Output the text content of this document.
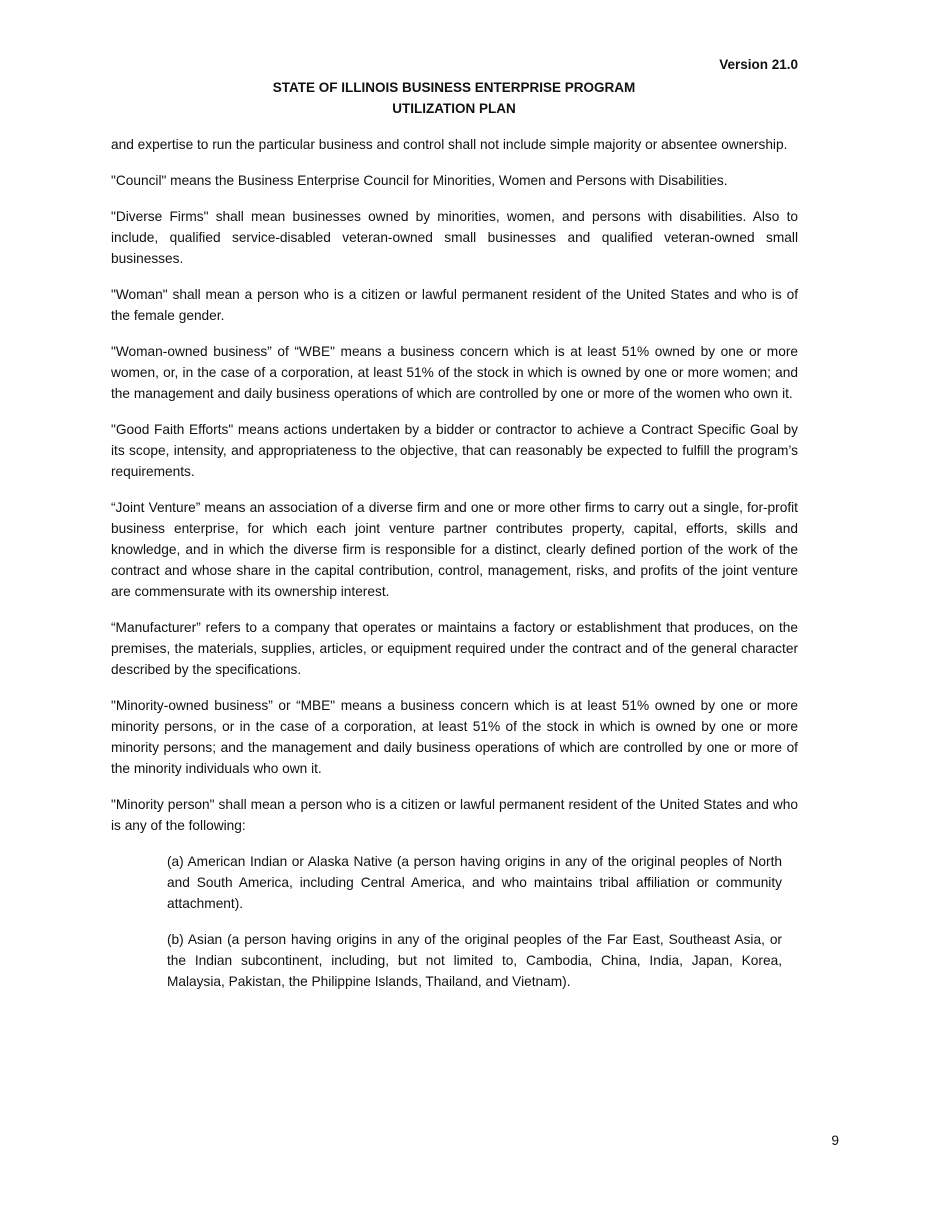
Version 21.0
STATE OF ILLINOIS BUSINESS ENTERPRISE PROGRAM
UTILIZATION PLAN

and expertise to run the particular business and control shall not include simple majority or absentee ownership.

"Council" means the Business Enterprise Council for Minorities, Women and Persons with Disabilities.

"Diverse Firms" shall mean businesses owned by minorities, women, and persons with disabilities. Also to include, qualified service-disabled veteran-owned small businesses and qualified veteran-owned small businesses.

"Woman" shall mean a person who is a citizen or lawful permanent resident of the United States and who is of the female gender.

"Woman-owned business” of “WBE" means a business concern which is at least 51% owned by one or more women, or, in the case of a corporation, at least 51% of the stock in which is owned by one or more women; and the management and daily business operations of which are controlled by one or more of the women who own it.

"Good Faith Efforts" means actions undertaken by a bidder or contractor to achieve a Contract Specific Goal by its scope, intensity, and appropriateness to the objective, that can reasonably be expected to fulfill the program’s requirements.

“Joint Venture” means an association of a diverse firm and one or more other firms to carry out a single, for-profit business enterprise, for which each joint venture partner contributes property, capital, efforts, skills and knowledge, and in which the diverse firm is responsible for a distinct, clearly defined portion of the work of the contract and whose share in the capital contribution, control, management, risks, and profits of the joint venture are commensurate with its ownership interest.

“Manufacturer” refers to a company that operates or maintains a factory or establishment that produces, on the premises, the materials, supplies, articles, or equipment required under the contract and of the general character described by the specifications.

"Minority-owned business” or “MBE" means a business concern which is at least 51% owned by one or more minority persons, or in the case of a corporation, at least 51% of the stock in which is owned by one or more minority persons; and the management and daily business operations of which are controlled by one or more of the minority individuals who own it.

"Minority person" shall mean a person who is a citizen or lawful permanent resident of the United States and who is any of the following:

(a) American Indian or Alaska Native (a person having origins in any of the original peoples of North and South America, including Central America, and who maintains tribal affiliation or community attachment).

(b) Asian (a person having origins in any of the original peoples of the Far East, Southeast Asia, or the Indian subcontinent, including, but not limited to, Cambodia, China, India, Japan, Korea, Malaysia, Pakistan, the Philippine Islands, Thailand, and Vietnam).

9
